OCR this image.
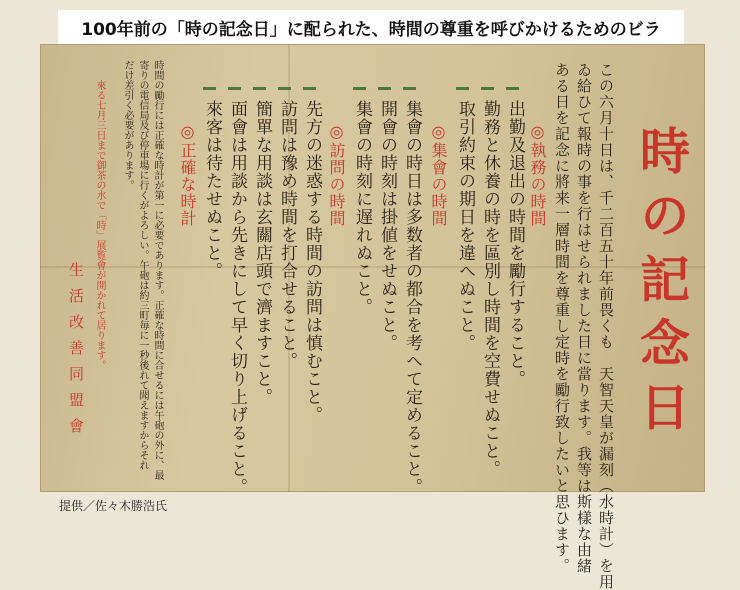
100年前の「時の記念日」に配られた、時間の尊重を呼びかけるためのビラ
時の記念日
この六月十日は、千二百五十年前畏くも　天智天皇が漏刻（水時計）を用
ゐ給ひて報時の事を行はせられました日に當ります。我等は斯樣な由緒
ある日を記念に將来一層時間を尊重し定時を勵行致したいと思ひます。
◎執務の時間
出勤及退出の時間を勵行すること。
勤務と休養の時を區別し時間を空費せぬこと。
取引約束の期日を違へぬこと。
◎集會の時間
集會の時日は多数者の都合を考へて定めること。
開會の時刻は掛値をせぬこと。
集會の時刻に遅れぬこと。
◎訪問の時間
先方の迷惑する時間の訪問は慎むこと。
訪問は豫め時間を打合せること。
簡單な用談は玄關店頭で濟ますこと。
面會は用談から先きにして早く切り上げること。
來客は待たせぬこと。
◎正確な時計
時間の勵行には正確な時計が第一に必要であります。正確な時間に合せるには午砲の外に、最
寄りの電信局及び停車場に行くがよろしい。午砲は約三町毎に一秒後れて聞えますからそれ
だけ差引く必要があります。
來る七月三日まで御茶の水で「時」展覧會が開かれて居ります。
生活改善同盟會
提供／佐々木勝浩氏
